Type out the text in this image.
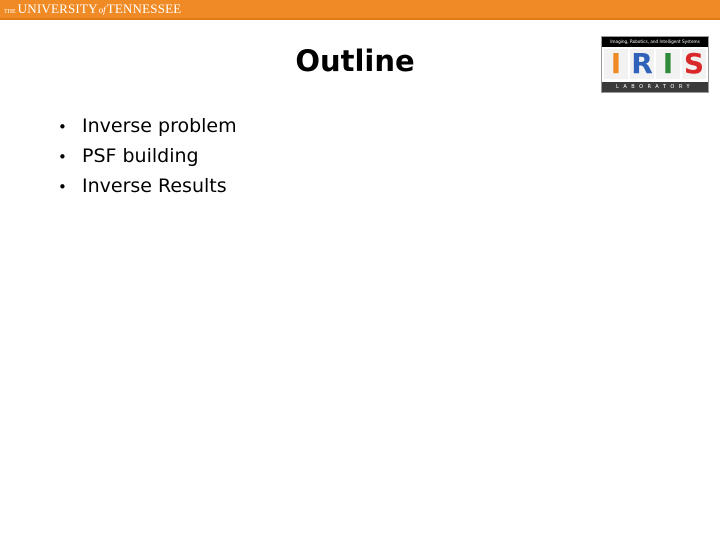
THE UNIVERSITY of TENNESSEE
Outline
Imaging, Robotics, and Intelligent Systems
I R I S
LABORATORY
• Inverse problem
• PSF building
• Inverse Results
